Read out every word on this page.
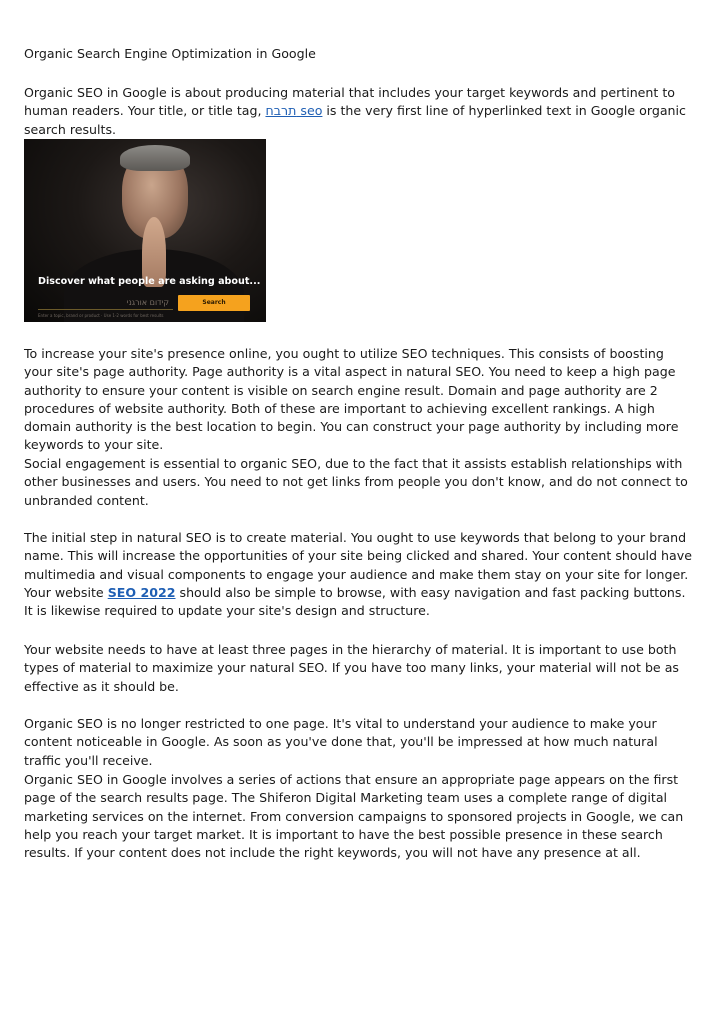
Organic Search Engine Optimization in Google

Organic SEO in Google is about producing material that includes your target keywords and pertinent to human readers. Your title, or title tag, תרבח seo is the very first line of hyperlinked text in Google organic search results.

Discover what people are asking about...
קידום אורגני	Search
Enter a topic, brand or product · Use 1-2 words for best results

To increase your site's presence online, you ought to utilize SEO techniques. This consists of boosting your site's page authority. Page authority is a vital aspect in natural SEO. You need to keep a high page authority to ensure your content is visible on search engine result. Domain and page authority are 2 procedures of website authority. Both of these are important to achieving excellent rankings. A high domain authority is the best location to begin. You can construct your page authority by including more keywords to your site.

Social engagement is essential to organic SEO, due to the fact that it assists establish relationships with other businesses and users. You need to not get links from people you don't know, and do not connect to unbranded content.

The initial step in natural SEO is to create material. You ought to use keywords that belong to your brand name. This will increase the opportunities of your site being clicked and shared. Your content should have multimedia and visual components to engage your audience and make them stay on your site for longer. Your website SEO 2022 should also be simple to browse, with easy navigation and fast packing buttons. It is likewise required to update your site's design and structure.

Your website needs to have at least three pages in the hierarchy of material. It is important to use both types of material to maximize your natural SEO. If you have too many links, your material will not be as effective as it should be.

Organic SEO is no longer restricted to one page. It's vital to understand your audience to make your content noticeable in Google. As soon as you've done that, you'll be impressed at how much natural traffic you'll receive.

Organic SEO in Google involves a series of actions that ensure an appropriate page appears on the first page of the search results page. The Shiferon Digital Marketing team uses a complete range of digital marketing services on the internet. From conversion campaigns to sponsored projects in Google, we can help you reach your target market. It is important to have the best possible presence in these search results. If your content does not include the right keywords, you will not have any presence at all.
